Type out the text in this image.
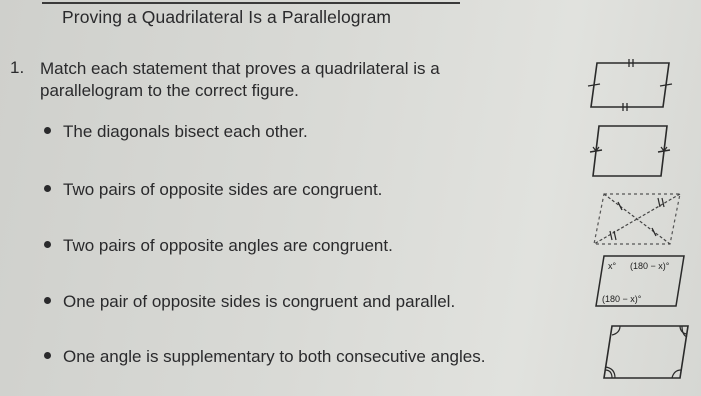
Proving a Quadrilateral Is a Parallelogram
1. Match each statement that proves a quadrilateral is a parallelogram to the correct figure.
The diagonals bisect each other.
Two pairs of opposite sides are congruent.
Two pairs of opposite angles are congruent.
One pair of opposite sides is congruent and parallel.
One angle is supplementary to both consecutive angles.
x° (180 − x)°
(180 − x)°
